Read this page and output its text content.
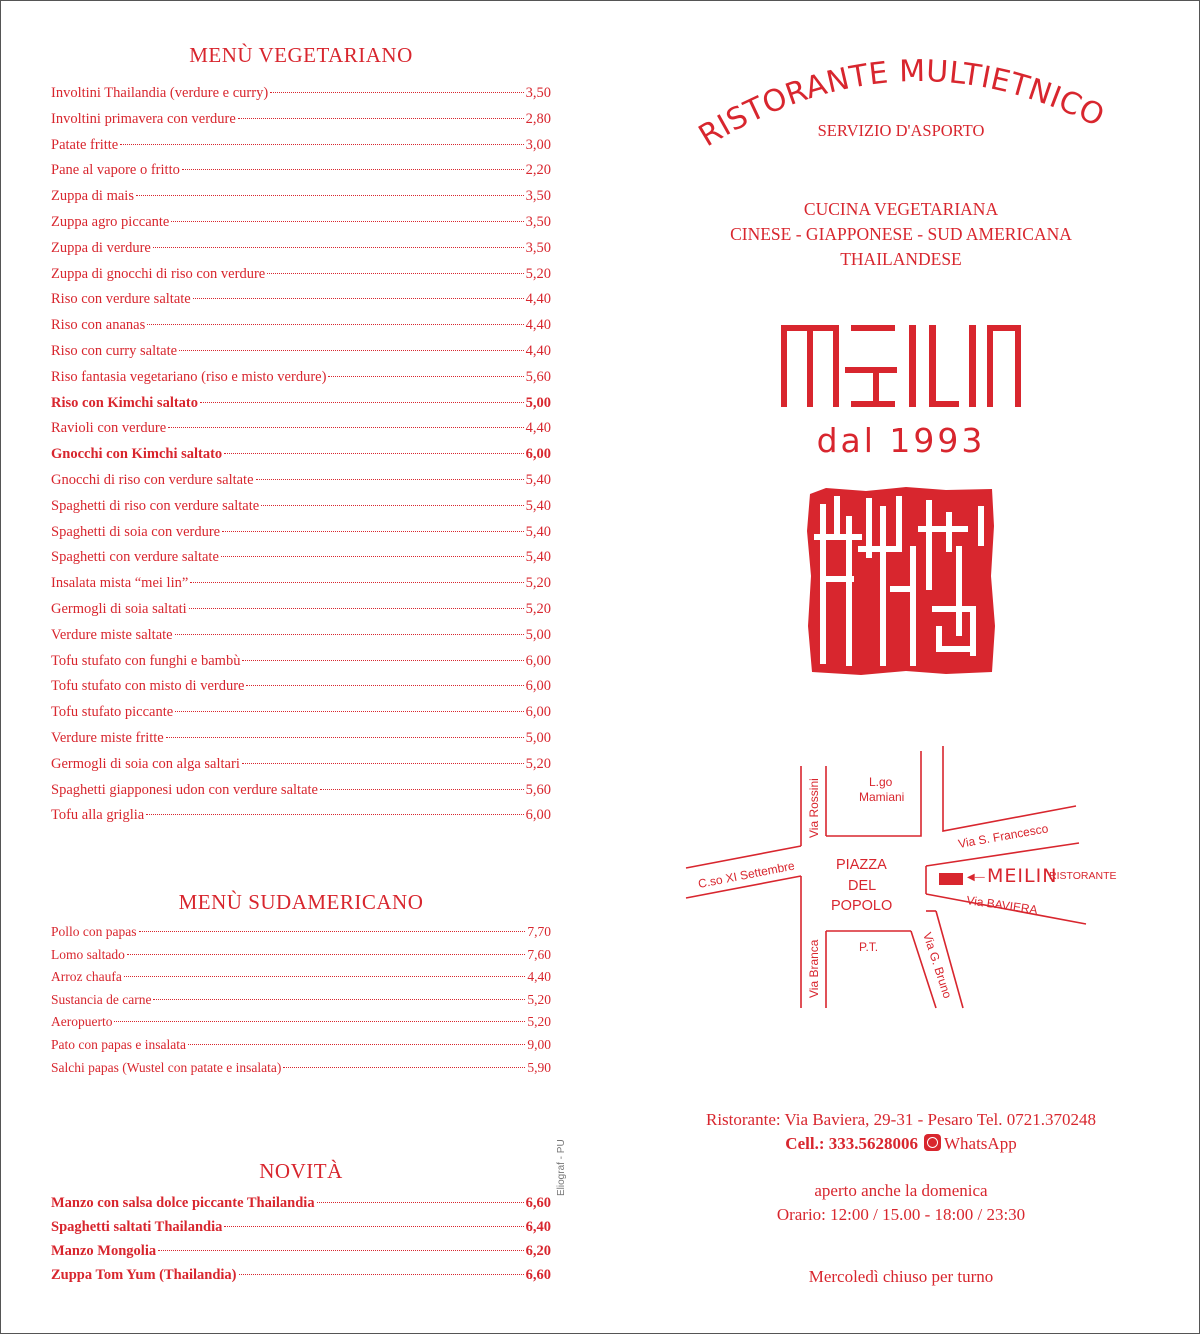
MENÙ VEGETARIANO
Involtini Thailandia (verdure e curry)	3,50
Involtini primavera con verdure	2,80
Patate fritte	3,00
Pane al vapore o fritto	2,20
Zuppa di mais	3,50
Zuppa agro piccante	3,50
Zuppa di verdure	3,50
Zuppa di gnocchi di riso con verdure	5,20
Riso con verdure saltate	4,40
Riso con ananas	4,40
Riso con curry saltate	4,40
Riso fantasia vegetariano (riso e misto verdure)	5,60
Riso con Kimchi saltato	5,00
Ravioli con verdure	4,40
Gnocchi con Kimchi saltato	6,00
Gnocchi di riso con verdure saltate	5,40
Spaghetti di riso con verdure saltate	5,40
Spaghetti di soia con verdure	5,40
Spaghetti con verdure saltate	5,40
Insalata mista “mei lin”	5,20
Germogli di soia saltati	5,20
Verdure miste saltate	5,00
Tofu stufato con funghi e bambù	6,00
Tofu stufato con misto di verdure	6,00
Tofu stufato piccante	6,00
Verdure miste fritte	5,00
Germogli di soia con alga saltari	5,20
Spaghetti giapponesi udon con verdure saltate	5,60
Tofu alla griglia	6,00
MENÙ SUDAMERICANO
Pollo con papas	7,70
Lomo saltado	7,60
Arroz chaufa	4,40
Sustancia de carne	5,20
Aeropuerto	5,20
Pato con papas e insalata	9,00
Salchi papas (Wustel con patate e insalata)	5,90
NOVITÀ
Manzo con salsa dolce piccante Thailandia	6,60
Spaghetti saltati Thailandia	6,40
Manzo Mongolia	6,20
Zuppa Tom Yum (Thailandia)	6,60
Eliograf - PU
RISTORANTE MULTIETNICO
SERVIZIO D'ASPORTO
CUCINA VEGETARIANA
CINESE - GIAPPONESE - SUD AMERICANA
THAILANDESE
dal 1993
L.go
Mamiani
Via Rossini	Via S. Francesco
C.so XI Settembre	PIAZZA
DEL
POPOLO
◀— MEILIN
RISTORANTE
Via BAVIERA
Via Branca	P.T.	Via G. Bruno
Ristorante: Via Baviera, 29-31 - Pesaro Tel. 0721.370248
Cell.: 333.5628006 WhatsApp
aperto anche la domenica
Orario: 12:00 / 15.00 - 18:00 / 23:30
Mercoledì chiuso per turno
